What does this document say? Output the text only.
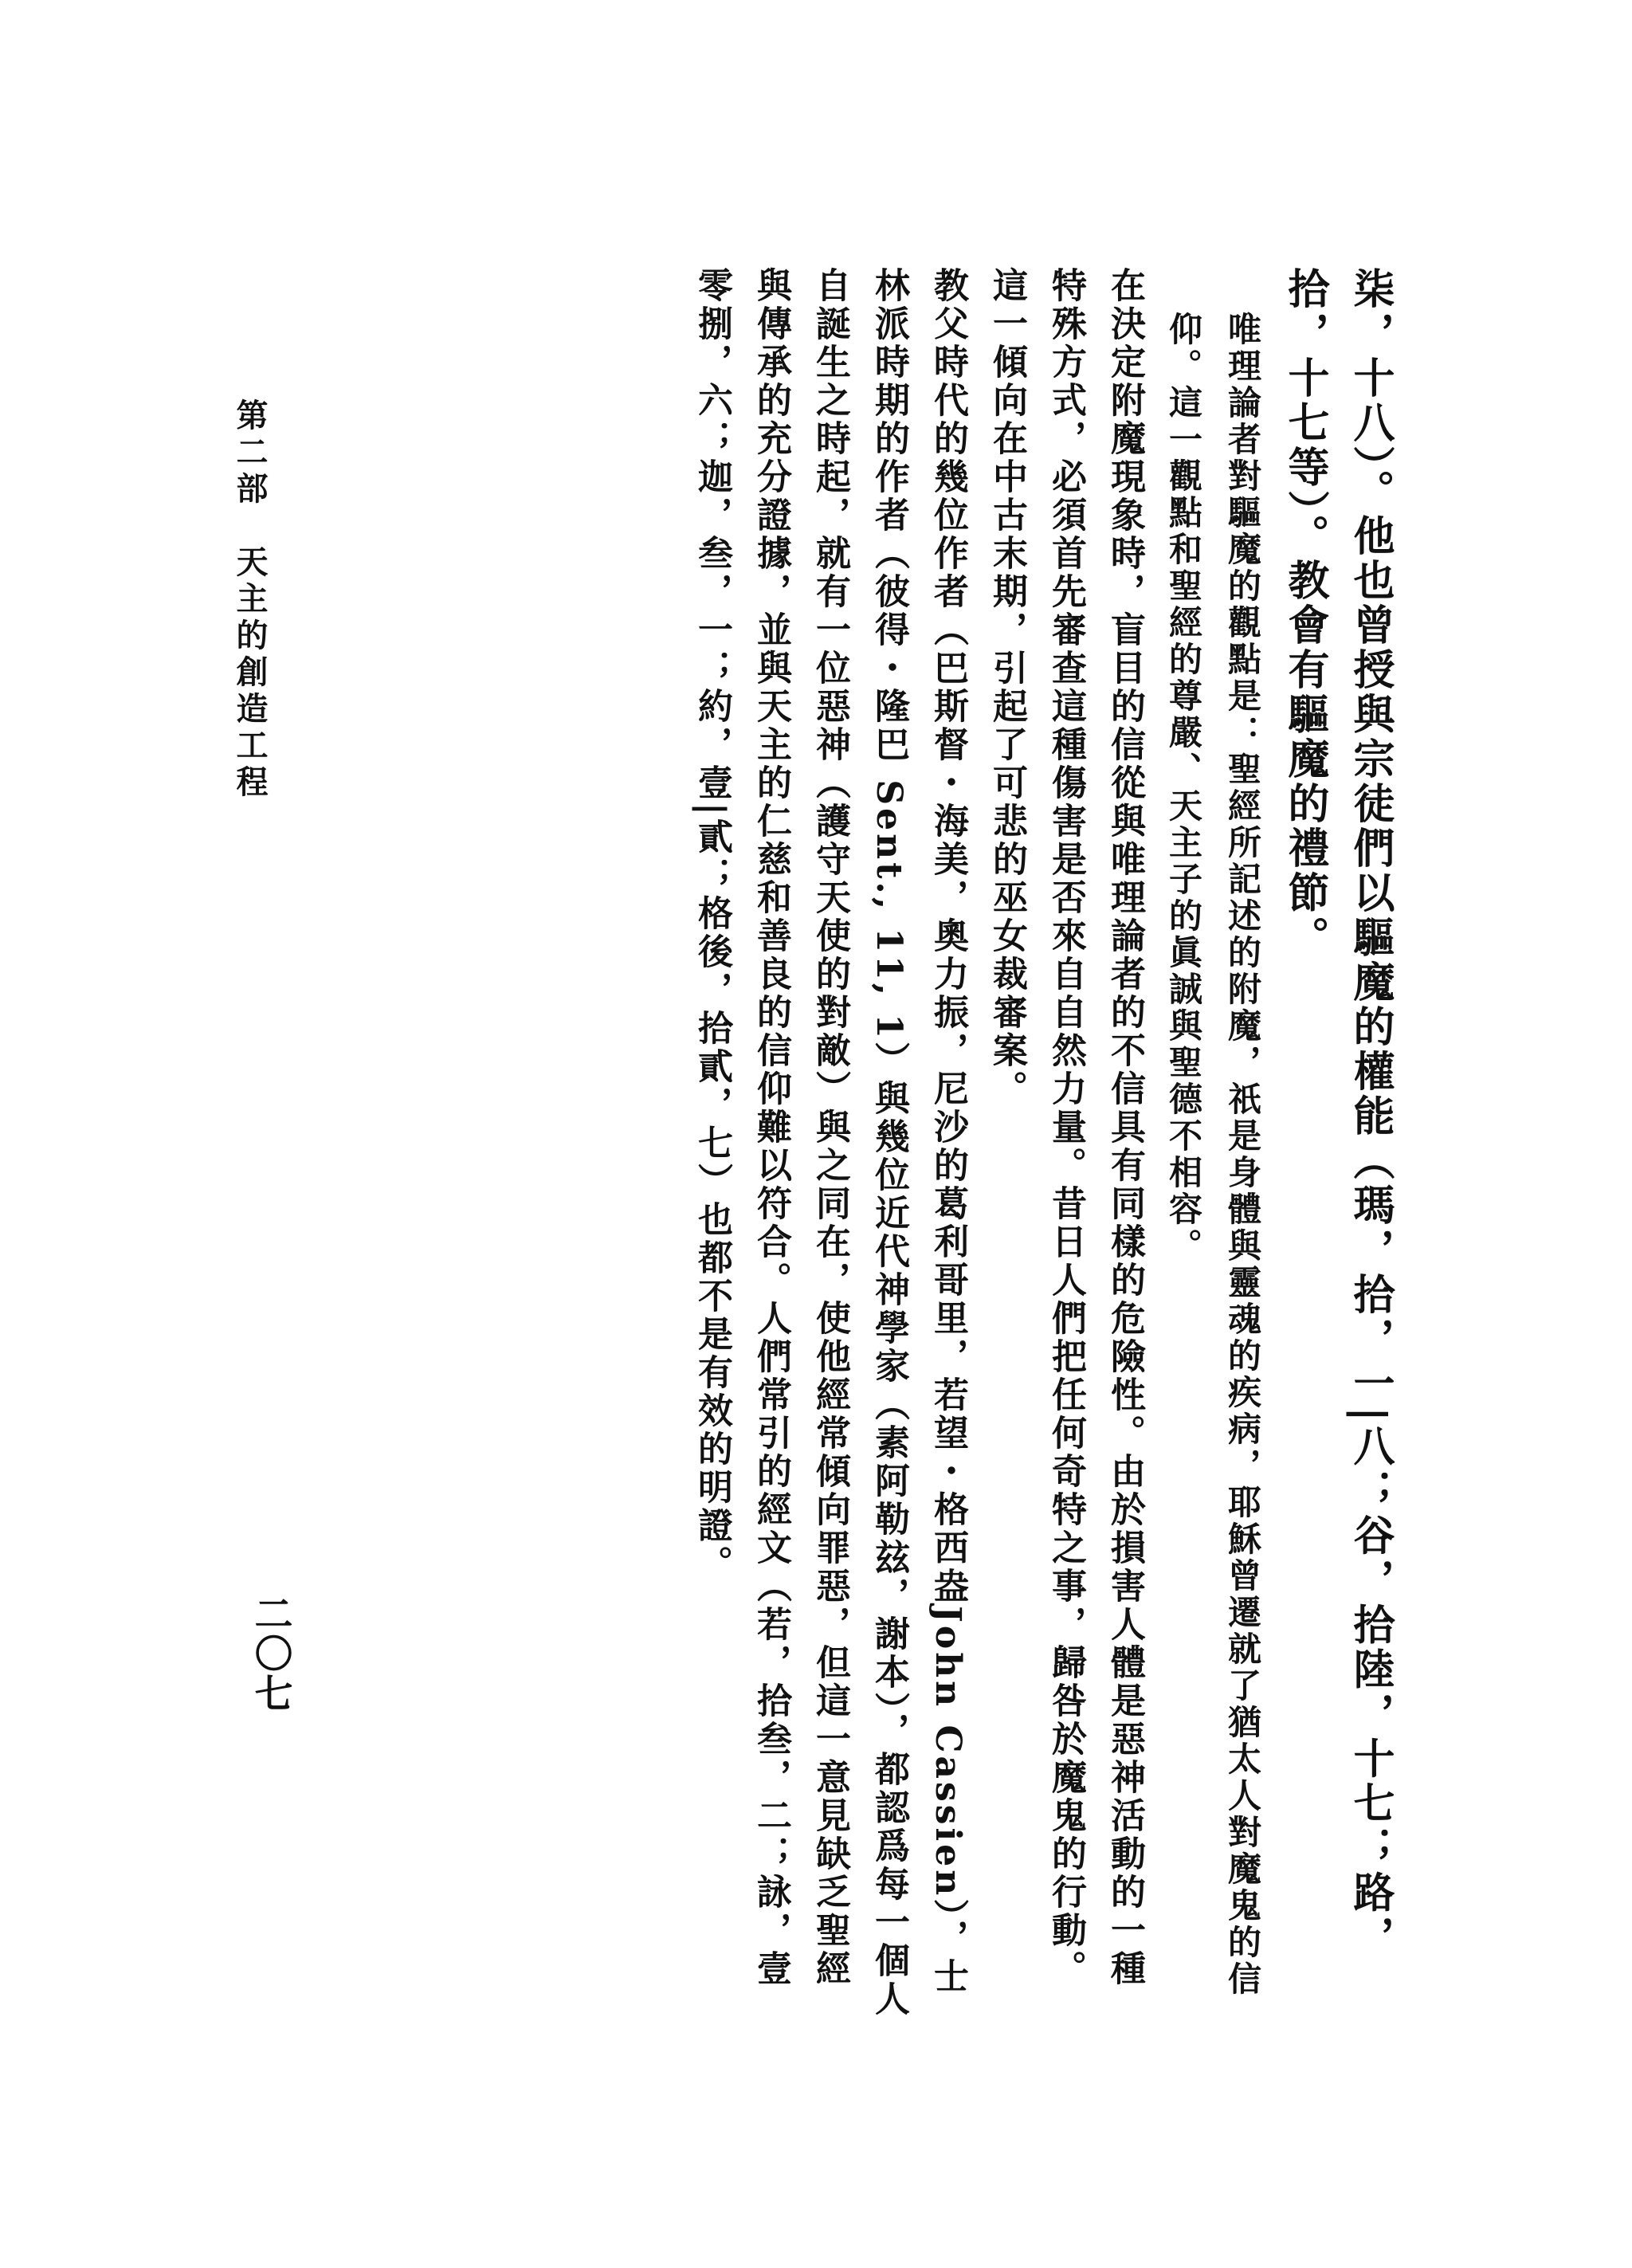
柒，十八）。他也曾授與宗徒們以驅魔的權能（瑪，拾，一|八；谷，拾陸，十七；路，拾，十七等）。教會有驅魔的禮節。

唯理論者對驅魔的觀點是：聖經所記述的附魔，祇是身體與靈魂的疾病，耶穌曾遷就了猶太人對魔鬼的信仰。這一觀點和聖經的尊嚴、天主子的眞誠與聖德不相容。

在決定附魔現象時，盲目的信從與唯理論者的不信具有同樣的危險性。由於損害人體是惡神活動的一種特殊方式，必須首先審查這種傷害是否來自自然力量。昔日人們把任何奇特之事，歸咎於魔鬼的行動。這一傾向在中古末期，引起了可悲的巫女裁審案。

教父時代的幾位作者（巴斯督・海美，奧力振，尼沙的葛利哥里，若望・格西盎John Cassien），士林派時期的作者（彼得・隆巴 Sent., 11, 1）與幾位近代神學家（素阿勒玆，謝本），都認爲每一個人自誕生之時起，就有一位惡神（護守天使的對敵）與之同在，使他經常傾向罪惡，但這一意見缺乏聖經與傳承的充分證據，並與天主的仁慈和善良的信仰難以符合。人們常引的經文（若，拾叁，二；詠，壹零捌，六；迦，叁，一；約，壹|貳；格後，拾貳，七）也都不是有效的明證。

第二部　天主的創造工程
二〇七
